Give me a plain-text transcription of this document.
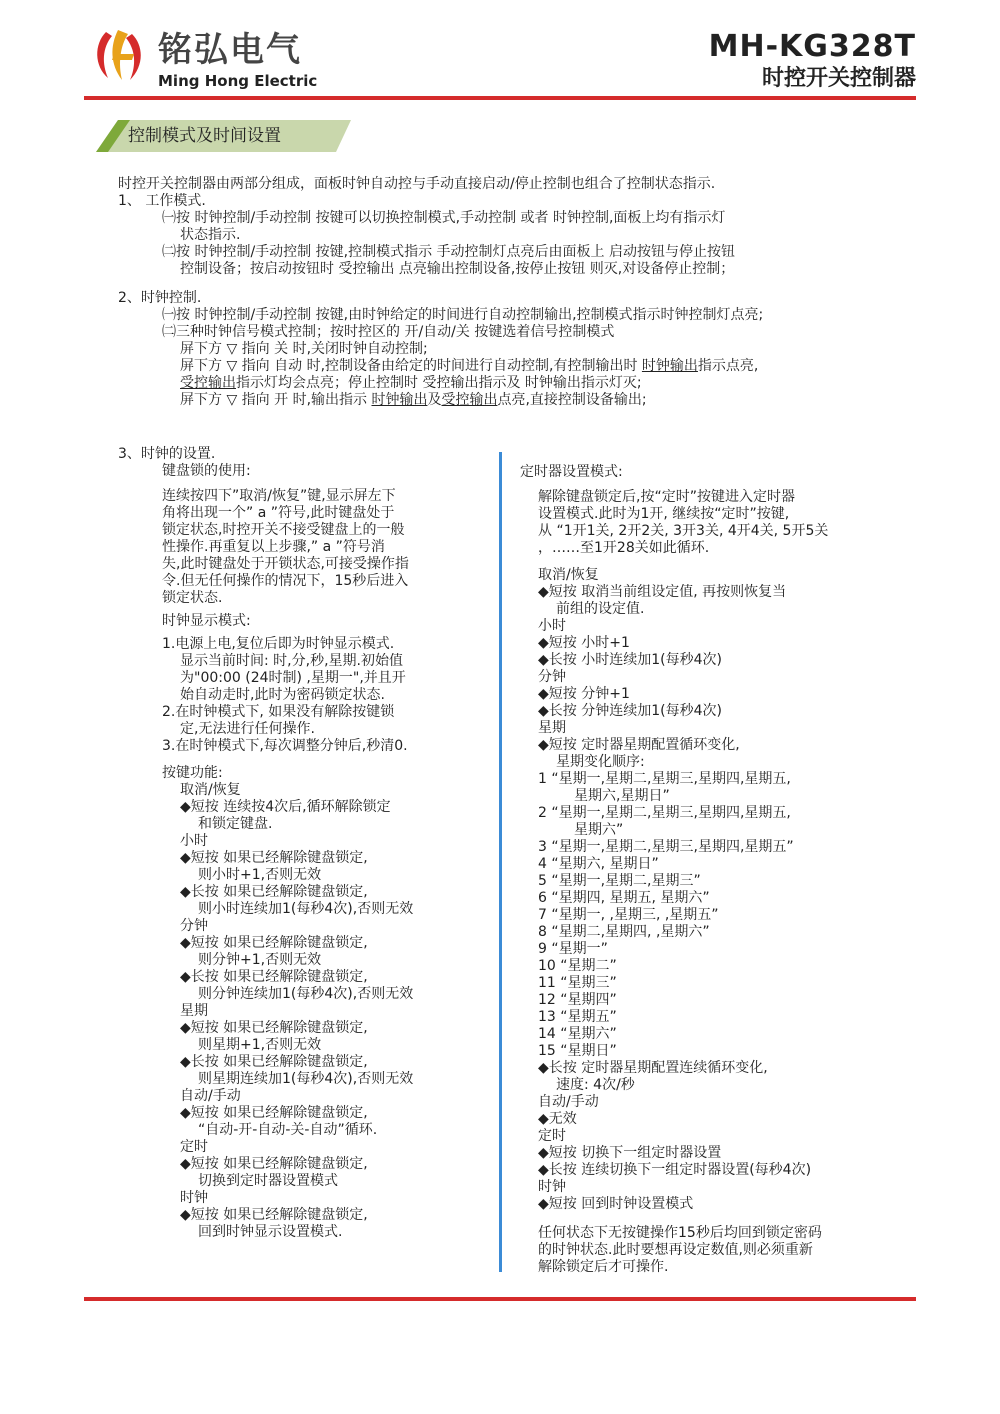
铭弘电气
Ming Hong Electric
MH-KG328T
时控开关控制器
控制模式及时间设置
时控开关控制器由两部分组成，面板时钟自动控与手动直接启动/停止控制也组合了控制状态指示.
1、 工作模式.
㈠按 时钟控制/手动控制 按键可以切换控制模式,手动控制 或者 时钟控制,面板上均有指示灯
状态指示.
㈡按 时钟控制/手动控制 按键,控制模式指示 手动控制灯点亮后由面板上 启动按钮与停止按钮
控制设备；按启动按钮时 受控输出 点亮输出控制设备,按停止按钮 则灭,对设备停止控制；
2、时钟控制.
㈠按 时钟控制/手动控制 按键,由时钟给定的时间进行自动控制输出,控制模式指示时钟控制灯点亮;
㈡三种时钟信号模式控制；按时控区的 开/自动/关 按键选着信号控制模式
屏下方 ▽ 指向 关 时,关闭时钟自动控制;
屏下方 ▽ 指向 自动 时,控制设备由给定的时间进行自动控制,有控制输出时 时钟输出指示点亮,
受控输出指示灯均会点亮；停止控制时 受控输出指示及 时钟输出指示灯灭;
屏下方 ▽ 指向 开 时,输出指示 时钟输出及受控输出点亮,直接控制设备输出;
3、时钟的设置.
键盘锁的使用:
连续按四下”取消/恢复”键,显示屏左下
角将出现一个” a ”符号,此时键盘处于
锁定状态,时控开关不接受键盘上的一般
性操作.再重复以上步骤,” a ”符号消
失,此时键盘处于开锁状态,可接受操作指
令.但无任何操作的情况下，15秒后进入
锁定状态.
时钟显示模式:
1.电源上电,复位后即为时钟显示模式.
显示当前时间: 时,分,秒,星期.初始值
为"00:00 (24时制) ,星期一",并且开
始自动走时,此时为密码锁定状态.
2.在时钟模式下, 如果没有解除按键锁
定,无法进行任何操作.
3.在时钟模式下,每次调整分钟后,秒清0.
按键功能:
取消/恢复
◆短按 连续按4次后,循环解除锁定
和锁定键盘.
小时
◆短按 如果已经解除键盘锁定,
则小时+1,否则无效
◆长按 如果已经解除键盘锁定,
则小时连续加1(每秒4次),否则无效
分钟
◆短按 如果已经解除键盘锁定,
则分钟+1,否则无效
◆长按 如果已经解除键盘锁定,
则分钟连续加1(每秒4次),否则无效
星期
◆短按 如果已经解除键盘锁定,
则星期+1,否则无效
◆长按 如果已经解除键盘锁定,
则星期连续加1(每秒4次),否则无效
自动/手动
◆短按 如果已经解除键盘锁定,
“自动-开-自动-关-自动”循环.
定时
◆短按 如果已经解除键盘锁定,
切换到定时器设置模式
时钟
◆短按 如果已经解除键盘锁定,
回到时钟显示设置模式.
定时器设置模式:
解除键盘锁定后,按“定时”按键进入定时器
设置模式.此时为1开, 继续按“定时”按键,
从 “1开1关, 2开2关, 3开3关, 4开4关, 5开5关
，……至1开28关如此循环.
取消/恢复
◆短按 取消当前组设定值, 再按则恢复当
前组的设定值.
小时
◆短按 小时+1
◆长按 小时连续加1(每秒4次)
分钟
◆短按 分钟+1
◆长按 分钟连续加1(每秒4次)
星期
◆短按 定时器星期配置循环变化,
星期变化顺序:
1 “星期一,星期二,星期三,星期四,星期五,
星期六,星期日”
2 “星期一,星期二,星期三,星期四,星期五,
星期六”
3 “星期一,星期二,星期三,星期四,星期五”
4 “星期六, 星期日”
5 “星期一,星期二,星期三”
6 “星期四, 星期五, 星期六”
7 “星期一, ,星期三, ,星期五”
8 “星期二,星期四, ,星期六”
9 “星期一”
10 “星期二”
11 “星期三”
12 “星期四”
13 “星期五”
14 “星期六”
15 “星期日”
◆长按 定时器星期配置连续循环变化,
速度: 4次/秒
自动/手动
◆无效
定时
◆短按 切换下一组定时器设置
◆长按 连续切换下一组定时器设置(每秒4次)
时钟
◆短按 回到时钟设置模式
任何状态下无按键操作15秒后均回到锁定密码
的时钟状态.此时要想再设定数值,则必须重新
解除锁定后才可操作.
